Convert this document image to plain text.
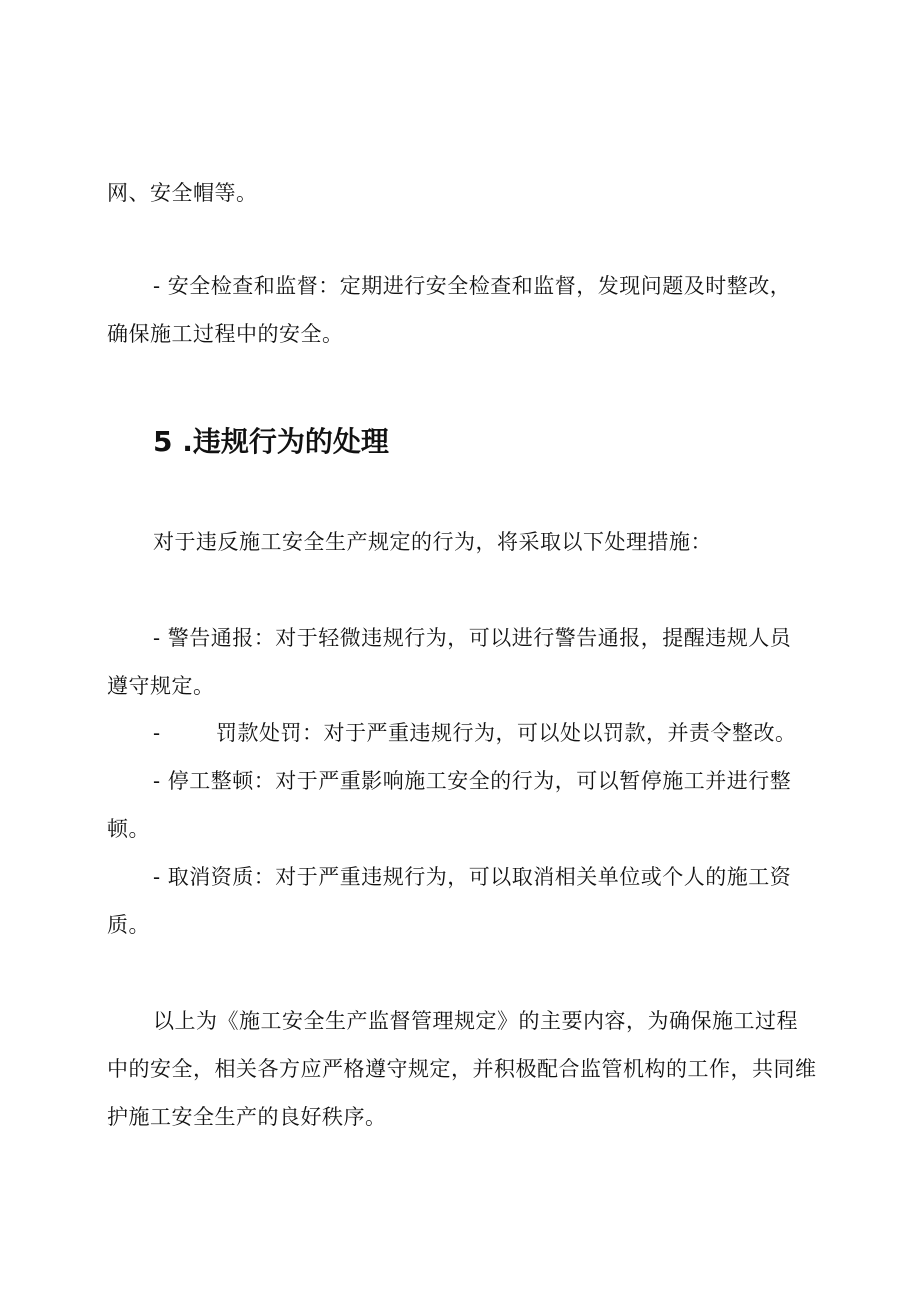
网、安全帽等。
- 安全检查和监督：定期进行安全检查和监督，发现问题及时整改，
确保施工过程中的安全。
5 .违规行为的处理
对于违反施工安全生产规定的行为，将采取以下处理措施：
- 警告通报：对于轻微违规行为，可以进行警告通报，提醒违规人员
遵守规定。
-	罚款处罚：对于严重违规行为，可以处以罚款，并责令整改。
- 停工整顿：对于严重影响施工安全的行为，可以暂停施工并进行整
顿。
- 取消资质：对于严重违规行为，可以取消相关单位或个人的施工资
质。
以上为《施工安全生产监督管理规定》的主要内容，为确保施工过程
中的安全，相关各方应严格遵守规定，并积极配合监管机构的工作，共同维
护施工安全生产的良好秩序。
